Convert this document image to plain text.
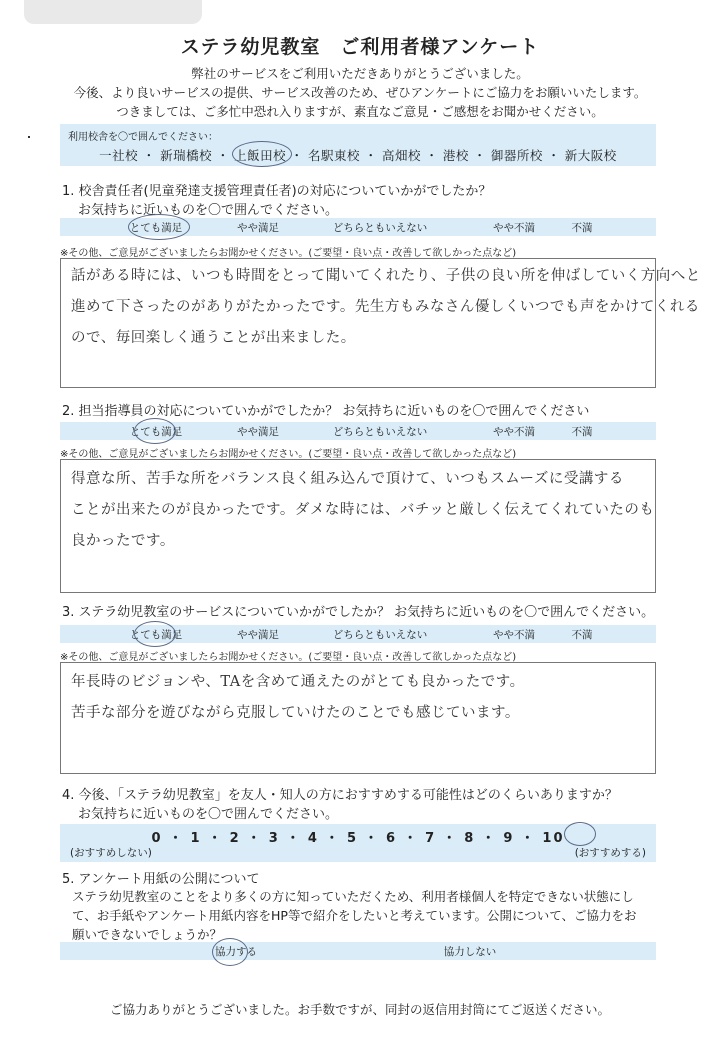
ステラ幼児教室　ご利用者様アンケート
弊社のサービスをご利用いただきありがとうございました。
今後、より良いサービスの提供、サービス改善のため、ぜひアンケートにご協力をお願いいたします。
つきましては、ご多忙中恐れ入りますが、素直なご意見・ご感想をお聞かせください。
利用校舎を〇で囲んでください：
一社校 ・ 新瑞橋校 ・ 上飯田校 ・ 名駅東校 ・ 高畑校 ・ 港校 ・ 御器所校 ・ 新大阪校
1. 校舎責任者(児童発達支援管理責任者)の対応についていかがでしたか？
お気持ちに近いものを〇で囲んでください。
とても満足	やや満足	どちらともいえない	やや不満	不満
※その他、ご意見がございましたらお聞かせください。(ご要望・良い点・改善して欲しかった点など)

話がある時には、いつも時間をとって聞いてくれたり、子供の良い所を伸ばしていく方向へと

進めて下さったのがありがたかったです。先生方もみなさん優しくいつでも声をかけてくれる

ので、毎回楽しく通うことが出来ました。

2. 担当指導員の対応についていかがでしたか？ お気持ちに近いものを〇で囲んでください
とても満足	やや満足	どちらともいえない	やや不満	不満
※その他、ご意見がございましたらお聞かせください。(ご要望・良い点・改善して欲しかった点など)

得意な所、苦手な所をバランス良く組み込んで頂けて、いつもスムーズに受講する

ことが出来たのが良かったです。ダメな時には、バチッと厳しく伝えてくれていたのも

良かったです。

3. ステラ幼児教室のサービスについていかがでしたか？ お気持ちに近いものを〇で囲んでください。
とても満足	やや満足	どちらともいえない	やや不満	不満
※その他、ご意見がございましたらお聞かせください。(ご要望・良い点・改善して欲しかった点など)

年長時のビジョンや、TAを含めて通えたのがとても良かったです。

苦手な部分を遊びながら克服していけたのことでも感じています。

4. 今後、「ステラ幼児教室」を友人・知人の方におすすめする可能性はどのくらいありますか？
お気持ちに近いものを〇で囲んでください。
0 ・ 1 ・ 2 ・ 3 ・ 4 ・ 5 ・ 6 ・ 7 ・ 8 ・ 9 ・ 10
(おすすめしない)	(おすすめする)
5. アンケート用紙の公開について
ステラ幼児教室のことをより多くの方に知っていただくため、利用者様個人を特定できない状態にし
て、お手紙やアンケート用紙内容をHP等で紹介をしたいと考えています。公開について、ご協力をお
願いできないでしょうか？
協力する	協力しない
ご協力ありがとうございました。お手数ですが、同封の返信用封筒にてご返送ください。
